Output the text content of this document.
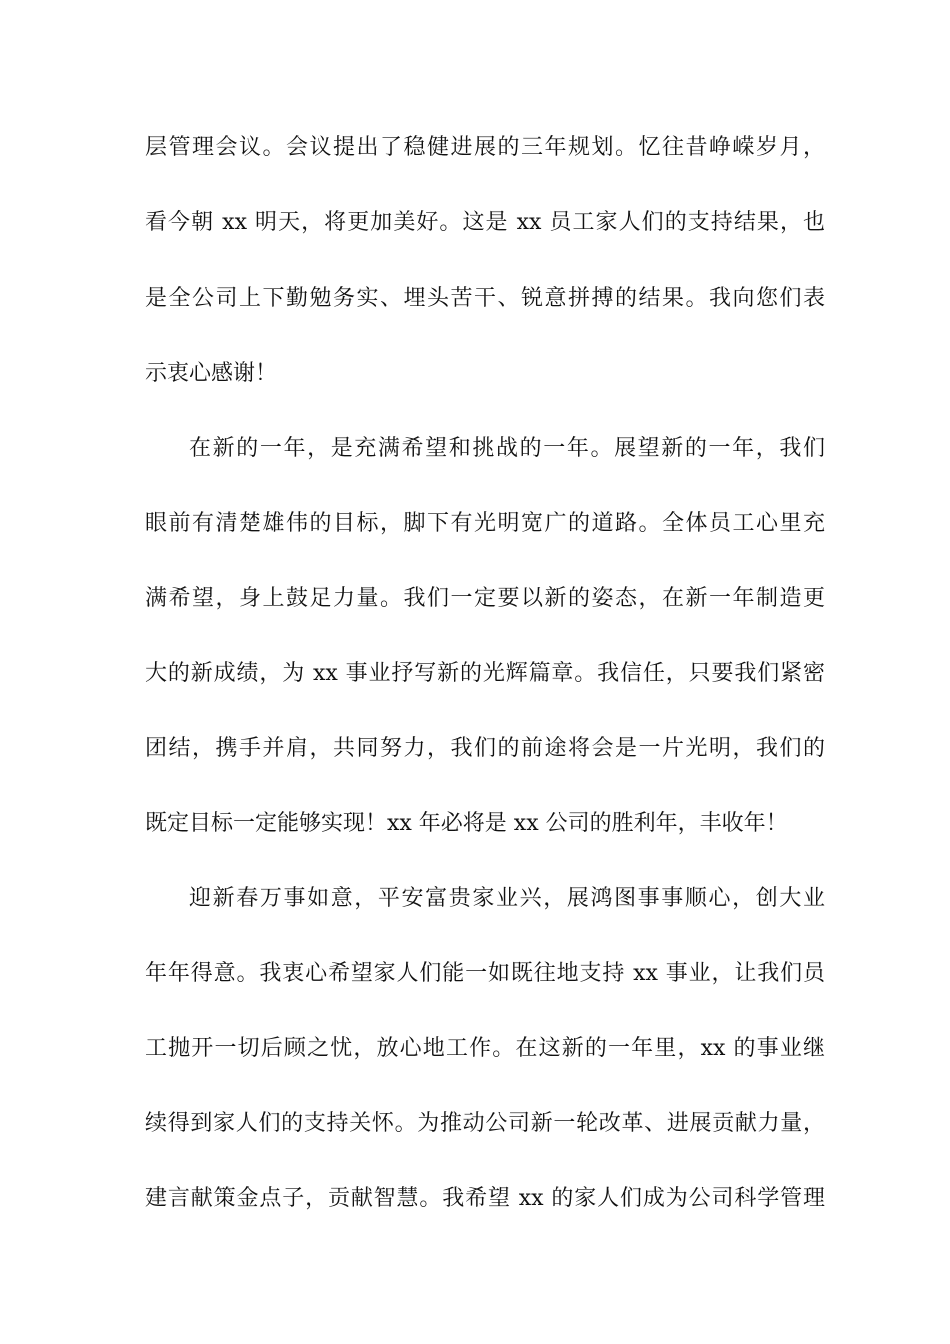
层管理会议。会议提出了稳健进展的三年规划。忆往昔峥嵘岁月，
看今朝 xx 明天，将更加美好。这是 xx 员工家人们的支持结果，也
是全公司上下勤勉务实、埋头苦干、锐意拼搏的结果。我向您们表
示衷心感谢！
在新的一年，是充满希望和挑战的一年。展望新的一年，我们
眼前有清楚雄伟的目标，脚下有光明宽广的道路。全体员工心里充
满希望，身上鼓足力量。我们一定要以新的姿态，在新一年制造更
大的新成绩，为 xx 事业抒写新的光辉篇章。我信任，只要我们紧密
团结，携手并肩，共同努力，我们的前途将会是一片光明，我们的
既定目标一定能够实现！xx 年必将是 xx 公司的胜利年，丰收年！
迎新春万事如意，平安富贵家业兴，展鸿图事事顺心，创大业
年年得意。我衷心希望家人们能一如既往地支持 xx 事业，让我们员
工抛开一切后顾之忧，放心地工作。在这新的一年里，xx 的事业继
续得到家人们的支持关怀。为推动公司新一轮改革、进展贡献力量，
建言献策金点子，贡献智慧。我希望 xx 的家人们成为公司科学管理
